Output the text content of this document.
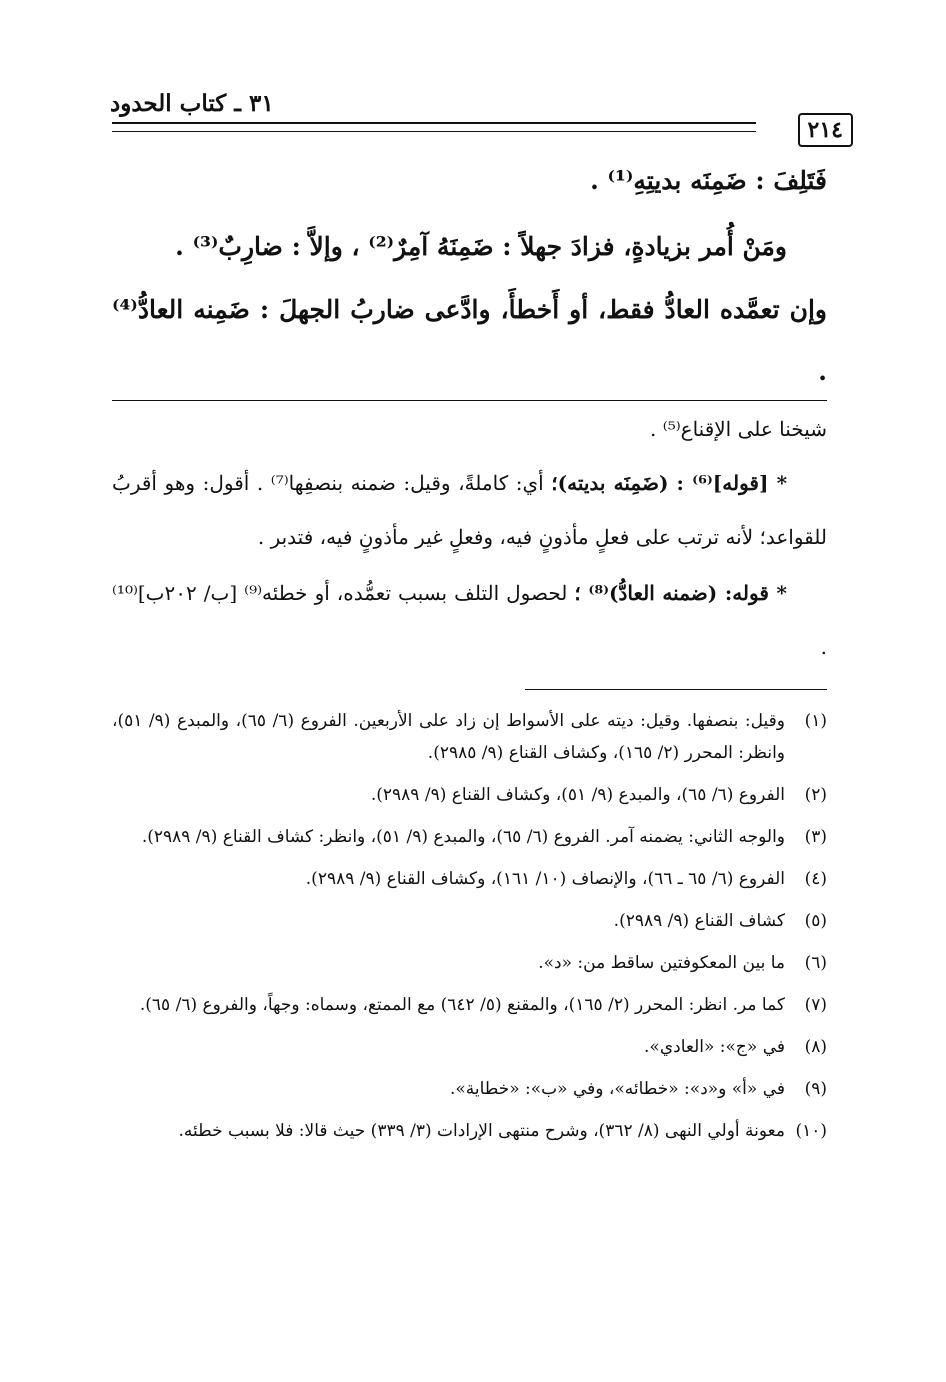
٣١ ـ كتاب الحدود
٢١٤

فَتَلِفَ : ضَمِنَه بديتِهِ⁽¹⁾ .

ومَنْ أُمر بزيادةٍ، فزادَ جهلاً : ضَمِنَهُ آمِرٌ⁽²⁾ ، وإلاَّ : ضارِبٌ⁽³⁾ .

وإن تعمَّده العادُّ فقط، أو أَخطأَ، وادَّعى ضاربُ الجهلَ : ضَمِنه العادُّ⁽⁴⁾ .

شيخنا على الإقناع⁽⁵⁾ .

* [قوله]⁽⁶⁾ : (ضَمِنَه بديته)؛ أي: كاملةً، وقيل: ضمنه بنصفِها⁽⁷⁾ . أقول: وهو أقربُ للقواعد؛ لأنه ترتب على فعلٍ مأذونٍ فيه، وفعلٍ غير مأذونٍ فيه، فتدبر .

* قوله: (ضمنه العادُّ)⁽⁸⁾ ؛ لحصول التلف بسبب تعمُّده، أو خطئه⁽⁹⁾ [ب/ ٢٠٢ب]⁽¹⁰⁾ .

(١)
وقيل: بنصفها. وقيل: ديته على الأسواط إن زاد على الأربعين. الفروع (٦/ ٦٥)، والمبدع (٩/ ٥١)، وانظر: المحرر (٢/ ١٦٥)، وكشاف القناع (٩/ ٢٩٨٥).
(٢)
الفروع (٦/ ٦٥)، والمبدع (٩/ ٥١)، وكشاف القناع (٩/ ٢٩٨٩).
(٣)
والوجه الثاني: يضمنه آمر. الفروع (٦/ ٦٥)، والمبدع (٩/ ٥١)، وانظر: كشاف القناع (٩/ ٢٩٨٩).
(٤)
الفروع (٦/ ٦٥ ـ ٦٦)، والإنصاف (١٠/ ١٦١)، وكشاف القناع (٩/ ٢٩٨٩).
(٥)
كشاف القناع (٩/ ٢٩٨٩).
(٦)
ما بين المعكوفتين ساقط من: «د».
(٧)
كما مر. انظر: المحرر (٢/ ١٦٥)، والمقنع (٥/ ٦٤٢) مع الممتع، وسماه: وجهاً، والفروع (٦/ ٦٥).
(٨)
في «ج»: «العادي».
(٩)
في «أ» و«د»: «خطائه»، وفي «ب»: «خطاية».
(١٠)
معونة أولي النهى (٨/ ٣٦٢)، وشرح منتهى الإرادات (٣/ ٣٣٩) حيث قالا: فلا بسبب خطئه.
